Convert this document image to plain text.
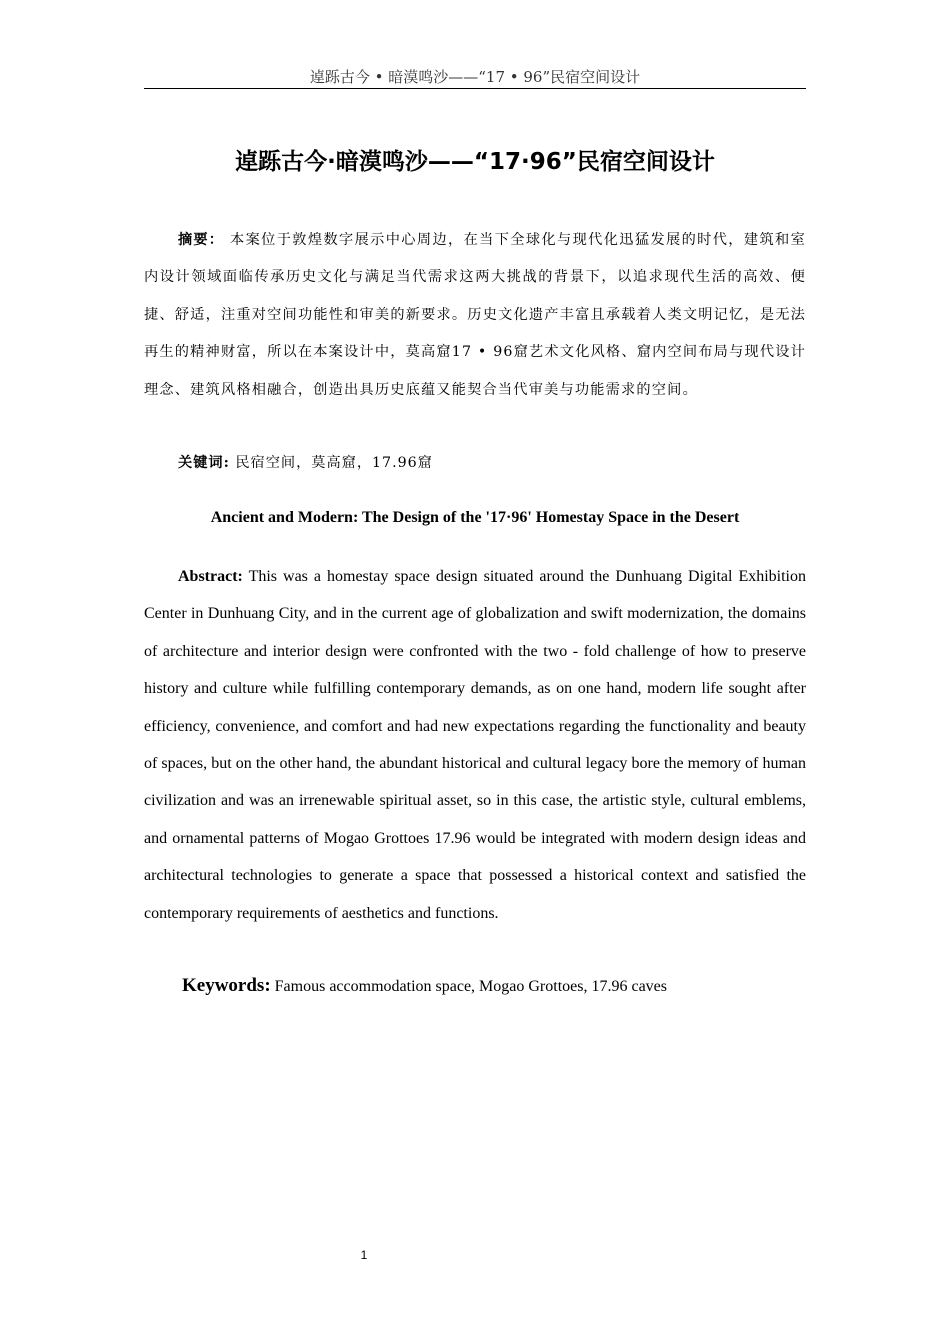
逴跞古今 • 暗漠鸣沙——“17 • 96”民宿空间设计
逴跞古今·暗漠鸣沙——“17·96”民宿空间设计

摘要： 本案位于敦煌数字展示中心周边，在当下全球化与现代化迅猛发展的时代，建筑和室内设计领域面临传承历史文化与满足当代需求这两大挑战的背景下，以追求现代生活的高效、便捷、舒适，注重对空间功能性和审美的新要求。历史文化遗产丰富且承载着人类文明记忆，是无法再生的精神财富，所以在本案设计中，莫高窟17 • 96窟艺术文化风格、窟内空间布局与现代设计理念、建筑风格相融合，创造出具历史底蕴又能契合当代审美与功能需求的空间。

关键词: 民宿空间，莫高窟，17.96窟
Ancient and Modern: The Design of the '17·96' Homestay Space in the Desert

Abstract: This was a homestay space design situated around the Dunhuang Digital Exhibition Center in Dunhuang City, and in the current age of globalization and swift modernization, the domains of architecture and interior design were confronted with the two - fold challenge of how to preserve history and culture while fulfilling contemporary demands, as on one hand, modern life sought after efficiency, convenience, and comfort and had new expectations regarding the functionality and beauty of spaces, but on the other hand, the abundant historical and cultural legacy bore the memory of human civilization and was an irrenewable spiritual asset, so in this case, the artistic style, cultural emblems, and ornamental patterns of Mogao Grottoes 17.96 would be integrated with modern design ideas and architectural technologies to generate a space that possessed a historical context and satisfied the contemporary requirements of aesthetics and functions.

Keywords: Famous accommodation space, Mogao Grottoes, 17.96 caves
1
